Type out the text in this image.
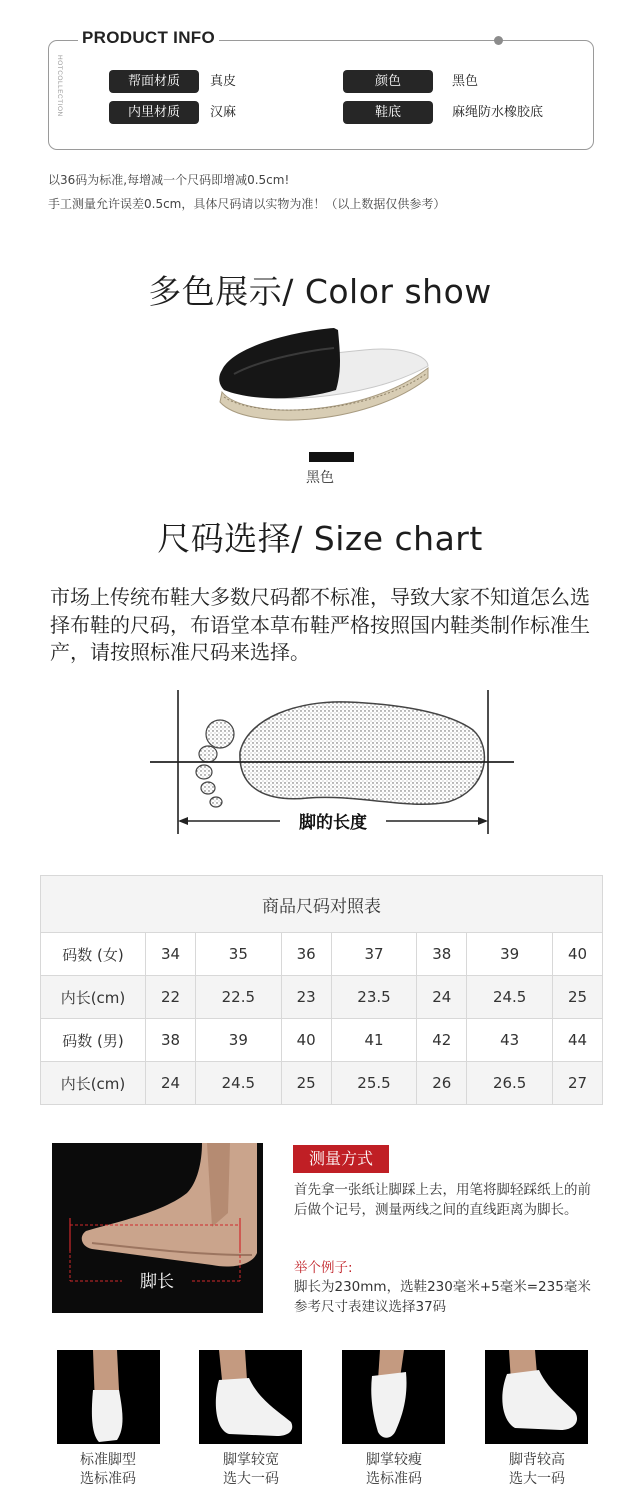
PRODUCT INFO
HOTCOLLECTION	帮面材质	真皮
内里材质	汉麻
颜色	黑色
鞋底	麻绳防水橡胶底
以36码为标准,每增减一个尺码即增减0.5cm!
手工测量允许误差0.5cm，具体尺码请以实物为准！（以上数据仅供参考）
多色展示/ Color show
黑色
尺码选择/ Size chart
市场上传统布鞋大多数尺码都不标准，导致大家不知道怎么选择布鞋的尺码，布语堂本草布鞋严格按照国内鞋类制作标准生产，请按照标准尺码来选择。
脚的长度
商品尺码对照表							
码数 (女)	34	35	36	37	38	39	40
内长(cm)	22	22.5	23	23.5	24	24.5	25
码数 (男)	38	39	40	41	42	43	44
内长(cm)	24	24.5	25	25.5	26	26.5	27
脚长
测量方式
首先拿一张纸让脚踩上去，用笔将脚轻踩纸上的前后做个记号，测量两线之间的直线距离为脚长。
举个例子:
脚长为230mm，选鞋230毫米+5毫米=235毫米参考尺寸表建议选择37码
标准脚型
选标准码
脚掌较宽
选大一码
脚掌较瘦
选标准码
脚背较高
选大一码
